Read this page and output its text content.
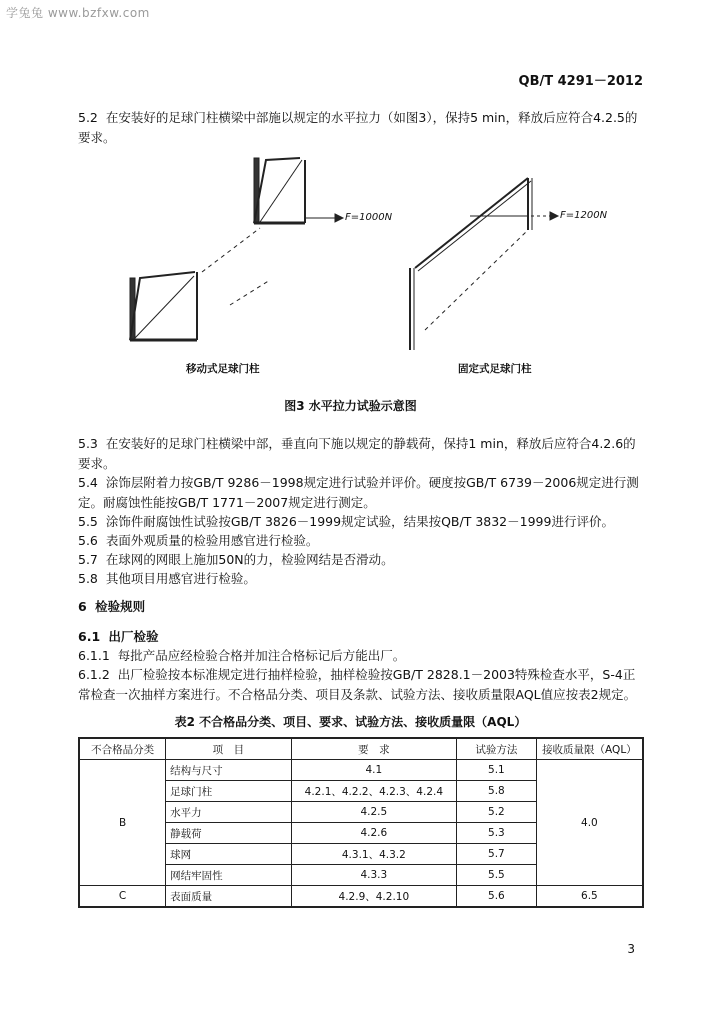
学兔兔 www.bzfxw.com
QB/T 4291－2012

5.2 在安装好的足球门柱横梁中部施以规定的水平拉力（如图3），保持5 min，释放后应符合4.2.5的要求。

F=1000N	F=1200N
移动式足球门柱	固定式足球门柱
图3 水平拉力试验示意图

5.3 在安装好的足球门柱横梁中部，垂直向下施以规定的静载荷，保持1 min，释放后应符合4.2.6的要求。

5.4 涂饰层附着力按GB/T 9286－1998规定进行试验并评价。硬度按GB/T 6739－2006规定进行测定。耐腐蚀性能按GB/T 1771－2007规定进行测定。

5.5 涂饰件耐腐蚀性试验按GB/T 3826－1999规定试验，结果按QB/T 3832－1999进行评价。

5.6 表面外观质量的检验用感官进行检验。

5.7 在球网的网眼上施加50N的力，检验网结是否滑动。

5.8 其他项目用感官进行检验。

6 检验规则

6.1 出厂检验

6.1.1 每批产品应经检验合格并加注合格标记后方能出厂。

6.1.2 出厂检验按本标准规定进行抽样检验，抽样检验按GB/T 2828.1－2003特殊检查水平，S-4正常检查一次抽样方案进行。不合格品分类、项目及条款、试验方法、接收质量限AQL值应按表2规定。

表2 不合格品分类、项目、要求、试验方法、接收质量限（AQL）
不合格品分类	项　目	要　求	试验方法	接收质量限（AQL）
B	结构与尺寸	4.1	5.1	4.0
	足球门柱	4.2.1、4.2.2、4.2.3、4.2.4	5.8	
	水平力	4.2.5	5.2	
	静载荷	4.2.6	5.3	
	球网	4.3.1、4.3.2	5.7	
	网结牢固性	4.3.3	5.5	
C	表面质量	4.2.9、4.2.10	5.6	6.5
3
